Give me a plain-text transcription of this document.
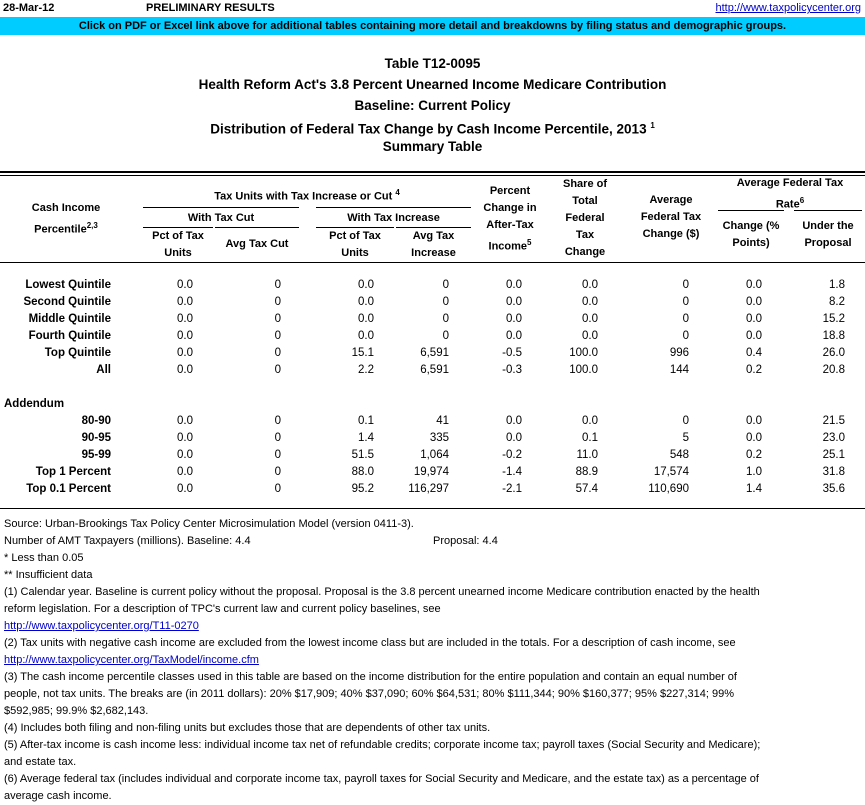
28-Mar-12	PRELIMINARY RESULTS	http://www.taxpolicycenter.org
Click on PDF or Excel link above for additional tables containing more detail and breakdowns by filing status and demographic groups.
Table T12-0095
Health Reform Act's 3.8 Percent Unearned Income Medicare Contribution
Baseline: Current Policy
Distribution of Federal Tax Change by Cash Income Percentile, 2013 $^1$
Summary Table
Cash Income
Percentile$^{2,3}$
Tax Units with Tax Increase or Cut $^4$
With Tax Cut	With Tax Increase
Pct of Tax
Units
Avg Tax Cut
Pct of Tax
Units
Avg Tax
Increase
Percent
Change in
After-Tax
Income$^5$
Share of
Total
Federal
Tax
Change
Average
Federal Tax
Change ($)
Average Federal Tax
Rate$^6$
Change (%
Points)
Under the
Proposal
Lowest Quintile	0.0	0	0.0	0	0.0	0.0	0	0.0	1.8
Second Quintile	0.0	0	0.0	0	0.0	0.0	0	0.0	8.2
Middle Quintile	0.0	0	0.0	0	0.0	0.0	0	0.0	15.2
Fourth Quintile	0.0	0	0.0	0	0.0	0.0	0	0.0	18.8
Top Quintile	0.0	0	15.1	6,591	-0.5	100.0	996	0.4	26.0
All	0.0	0	2.2	6,591	-0.3	100.0	144	0.2	20.8
80-90	0.0	0	0.1	41	0.0	0.0	0	0.0	21.5
90-95	0.0	0	1.4	335	0.0	0.1	5	0.0	23.0
95-99	0.0	0	51.5	1,064	-0.2	11.0	548	0.2	25.1
Top 1 Percent	0.0	0	88.0	19,974	-1.4	88.9	17,574	1.0	31.8
Top 0.1 Percent	0.0	0	95.2	116,297	-2.1	57.4	110,690	1.4	35.6
Addendum
Source: Urban-Brookings Tax Policy Center Microsimulation Model (version 0411-3).
Number of AMT Taxpayers (millions). Baseline: 4.4	Proposal: 4.4
* Less than 0.05
** Insufficient data
(1) Calendar year. Baseline is current policy without the proposal. Proposal is the 3.8 percent unearned income Medicare contribution enacted by the health
reform legislation. For a description of TPC's current law and current policy baselines, see
http://www.taxpolicycenter.org/T11-0270
(2) Tax units with negative cash income are excluded from the lowest income class but are included in the totals. For a description of cash income, see
http://www.taxpolicycenter.org/TaxModel/income.cfm
(3) The cash income percentile classes used in this table are based on the income distribution for the entire population and contain an equal number of
people, not tax units. The breaks are (in 2011 dollars): 20% $17,909; 40% $37,090; 60% $64,531; 80% $111,344; 90% $160,377; 95% $227,314; 99%
$592,985; 99.9% $2,682,143.
(4) Includes both filing and non-filing units but excludes those that are dependents of other tax units.
(5) After-tax income is cash income less: individual income tax net of refundable credits; corporate income tax; payroll taxes (Social Security and Medicare);
and estate tax.
(6) Average federal tax (includes individual and corporate income tax, payroll taxes for Social Security and Medicare, and the estate tax) as a percentage of
average cash income.
